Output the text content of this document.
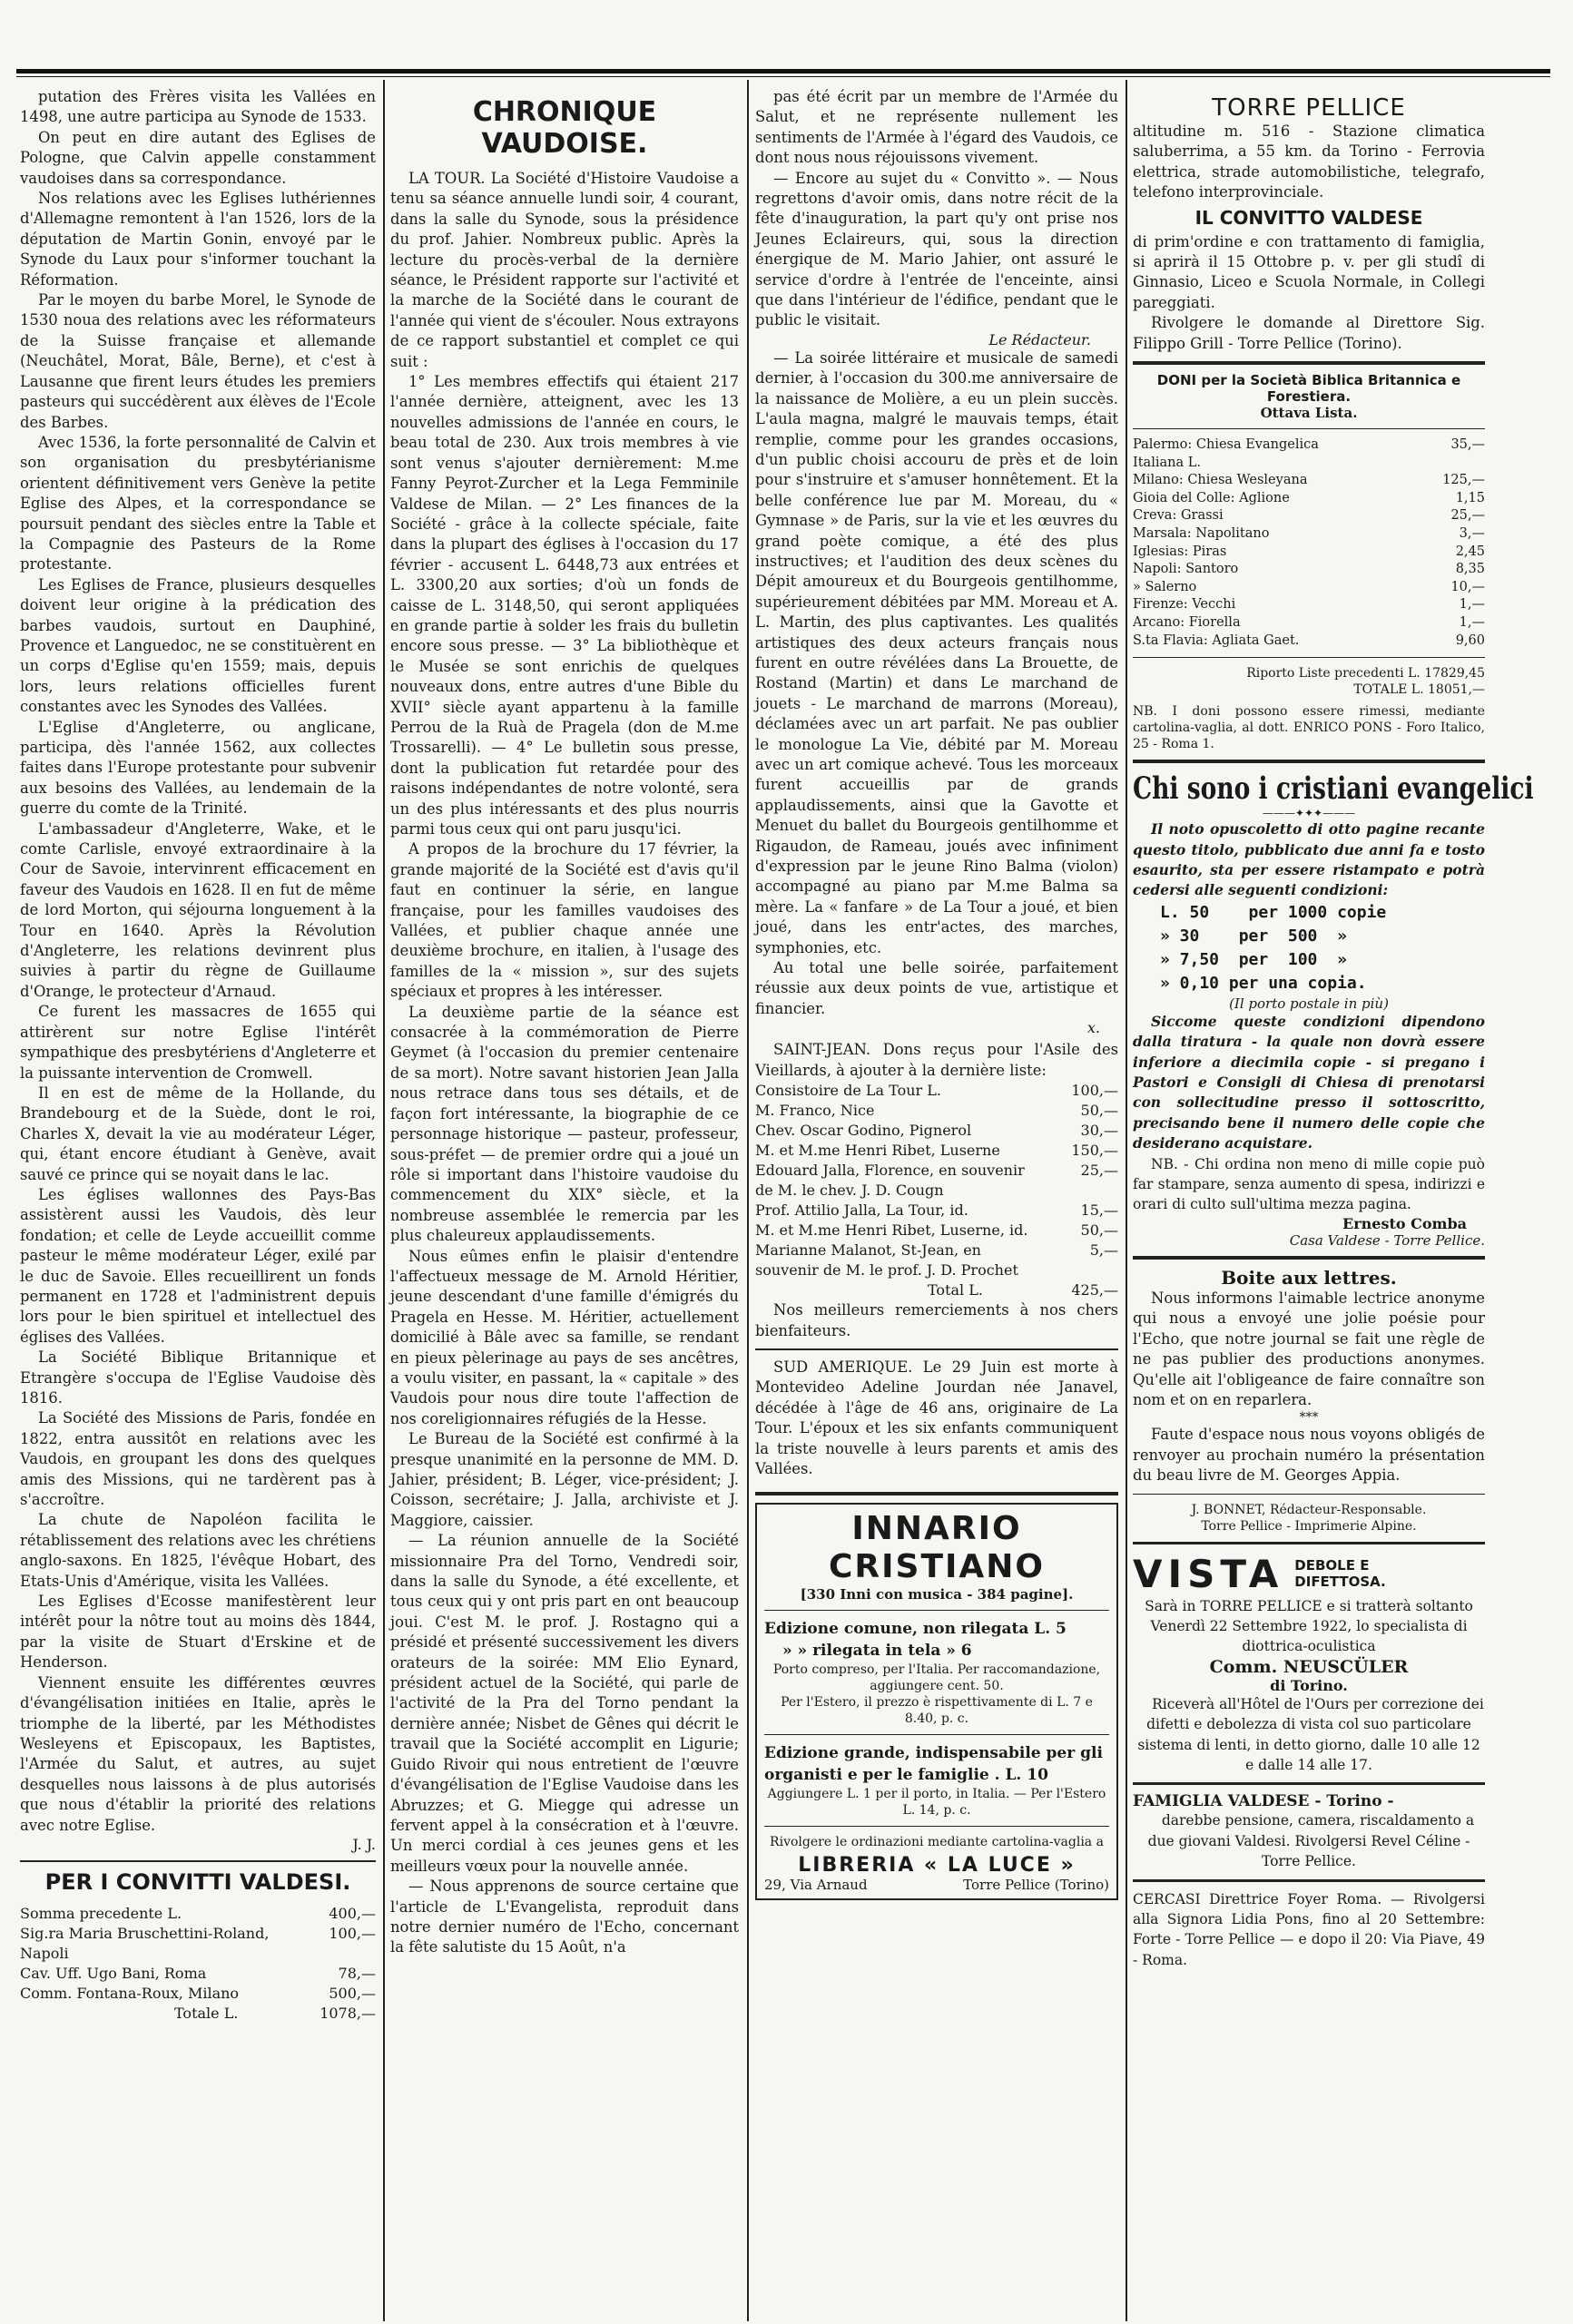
putation des Frères visita les Vallées en 1498, une autre participa au Synode de 1533.

On peut en dire autant des Eglises de Pologne, que Calvin appelle constamment vaudoises dans sa correspondance.

Nos relations avec les Eglises luthériennes d'Allemagne remontent à l'an 1526, lors de la députation de Martin Gonin, envoyé par le Synode du Laux pour s'informer touchant la Réformation.

Par le moyen du barbe Morel, le Synode de 1530 noua des relations avec les réformateurs de la Suisse française et allemande (Neuchâtel, Morat, Bâle, Berne), et c'est à Lausanne que firent leurs études les premiers pasteurs qui succédèrent aux élèves de l'Ecole des Barbes.

Avec 1536, la forte personnalité de Calvin et son organisation du presbytérianisme orientent définitivement vers Genève la petite Eglise des Alpes, et la correspondance se poursuit pendant des siècles entre la Table et la Compagnie des Pasteurs de la Rome protestante.

Les Eglises de France, plusieurs desquelles doivent leur origine à la prédication des barbes vaudois, surtout en Dauphiné, Provence et Languedoc, ne se constituèrent en un corps d'Eglise qu'en 1559; mais, depuis lors, leurs relations officielles furent constantes avec les Synodes des Vallées.

L'Eglise d'Angleterre, ou anglicane, participa, dès l'année 1562, aux collectes faites dans l'Europe protestante pour subvenir aux besoins des Vallées, au lendemain de la guerre du comte de la Trinité.

L'ambassadeur d'Angleterre, Wake, et le comte Carlisle, envoyé extraordinaire à la Cour de Savoie, intervinrent efficacement en faveur des Vaudois en 1628. Il en fut de même de lord Morton, qui séjourna longuement à la Tour en 1640. Après la Révolution d'Angleterre, les relations devinrent plus suivies à partir du règne de Guillaume d'Orange, le protecteur d'Arnaud.

Ce furent les massacres de 1655 qui attirèrent sur notre Eglise l'intérêt sympathique des presbytériens d'Angleterre et la puissante intervention de Cromwell.

Il en est de même de la Hollande, du Brandebourg et de la Suède, dont le roi, Charles X, devait la vie au modérateur Léger, qui, étant encore étudiant à Genève, avait sauvé ce prince qui se noyait dans le lac.

Les églises wallonnes des Pays-Bas assistèrent aussi les Vaudois, dès leur fondation; et celle de Leyde accueillit comme pasteur le même modérateur Léger, exilé par le duc de Savoie. Elles recueillirent un fonds permanent en 1728 et l'administrent depuis lors pour le bien spirituel et intellectuel des églises des Vallées.

La Société Biblique Britannique et Etrangère s'occupa de l'Eglise Vaudoise dès 1816.

La Société des Missions de Paris, fondée en 1822, entra aussitôt en relations avec les Vaudois, en groupant les dons des quelques amis des Missions, qui ne tardèrent pas à s'accroître.

La chute de Napoléon facilita le rétablissement des relations avec les chrétiens anglo-saxons. En 1825, l'évêque Hobart, des Etats-Unis d'Amérique, visita les Vallées.

Les Eglises d'Ecosse manifestèrent leur intérêt pour la nôtre tout au moins dès 1844, par la visite de Stuart d'Erskine et de Henderson.

Viennent ensuite les différentes œuvres d'évangélisation initiées en Italie, après le triomphe de la liberté, par les Méthodistes Wesleyens et Episcopaux, les Baptistes, l'Armée du Salut, et autres, au sujet desquelles nous laissons à de plus autorisés que nous d'établir la priorité des relations avec notre Eglise.

J. J.
PER I CONVITTI VALDESI.
Somma precedente L.	400,—
Sig.ra Maria Bruschettini-Roland, Napoli
100,—
Cav. Uff. Ugo Bani, Roma	78,—
Comm. Fontana-Roux, Milano	500,—
Totale L.	1078,—
CHRONIQUE VAUDOISE.

LA TOUR. La Société d'Histoire Vaudoise a tenu sa séance annuelle lundi soir, 4 courant, dans la salle du Synode, sous la présidence du prof. Jahier. Nombreux public. Après la lecture du procès-verbal de la dernière séance, le Président rapporte sur l'activité et la marche de la Société dans le courant de l'année qui vient de s'écouler. Nous extrayons de ce rapport substantiel et complet ce qui suit :

1° Les membres effectifs qui étaient 217 l'année dernière, atteignent, avec les 13 nouvelles admissions de l'année en cours, le beau total de 230. Aux trois membres à vie sont venus s'ajouter dernièrement: M.me Fanny Peyrot-Zurcher et la Lega Femminile Valdese de Milan. — 2° Les finances de la Société - grâce à la collecte spéciale, faite dans la plupart des églises à l'occasion du 17 février - accusent L. 6448,73 aux entrées et L. 3300,20 aux sorties; d'où un fonds de caisse de L. 3148,50, qui seront appliquées en grande partie à solder les frais du bulletin encore sous presse. — 3° La bibliothèque et le Musée se sont enrichis de quelques nouveaux dons, entre autres d'une Bible du XVII° siècle ayant appartenu à la famille Perrou de la Ruà de Pragela (don de M.me Trossarelli). — 4° Le bulletin sous presse, dont la publication fut retardée pour des raisons indépendantes de notre volonté, sera un des plus intéressants et des plus nourris parmi tous ceux qui ont paru jusqu'ici.

A propos de la brochure du 17 février, la grande majorité de la Société est d'avis qu'il faut en continuer la série, en langue française, pour les familles vaudoises des Vallées, et publier chaque année une deuxième brochure, en italien, à l'usage des familles de la « mission », sur des sujets spéciaux et propres à les intéresser.

La deuxième partie de la séance est consacrée à la commémoration de Pierre Geymet (à l'occasion du premier centenaire de sa mort). Notre savant historien Jean Jalla nous retrace dans tous ses détails, et de façon fort intéressante, la biographie de ce personnage historique — pasteur, professeur, sous-préfet — de premier ordre qui a joué un rôle si important dans l'histoire vaudoise du commencement du XIX° siècle, et la nombreuse assemblée le remercia par les plus chaleureux applaudissements.

Nous eûmes enfin le plaisir d'entendre l'affectueux message de M. Arnold Héritier, jeune descendant d'une famille d'émigrés du Pragela en Hesse. M. Héritier, actuellement domicilié à Bâle avec sa famille, se rendant en pieux pèlerinage au pays de ses ancêtres, a voulu visiter, en passant, la « capitale » des Vaudois pour nous dire toute l'affection de nos coreligionnaires réfugiés de la Hesse.

Le Bureau de la Société est confirmé à la presque unanimité en la personne de MM. D. Jahier, président; B. Léger, vice-président; J. Coisson, secrétaire; J. Jalla, archiviste et J. Maggiore, caissier.

— La réunion annuelle de la Société missionnaire Pra del Torno, Vendredi soir, dans la salle du Synode, a été excellente, et tous ceux qui y ont pris part en ont beaucoup joui. C'est M. le prof. J. Rostagno qui a présidé et présenté successivement les divers orateurs de la soirée: MM Elio Eynard, président actuel de la Société, qui parle de l'activité de la Pra del Torno pendant la dernière année; Nisbet de Gênes qui décrit le travail que la Société accomplit en Ligurie; Guido Rivoir qui nous entretient de l'œuvre d'évangélisation de l'Eglise Vaudoise dans les Abruzzes; et G. Miegge qui adresse un fervent appel à la consécration et à l'œuvre. Un merci cordial à ces jeunes gens et les meilleurs vœux pour la nouvelle année.

— Nous apprenons de source certaine que l'article de L'Evangelista, reproduit dans notre dernier numéro de l'Echo, concernant la fête salutiste du 15 Août, n'a

pas été écrit par un membre de l'Armée du Salut, et ne représente nullement les sentiments de l'Armée à l'égard des Vaudois, ce dont nous nous réjouissons vivement.

— Encore au sujet du « Convitto ». — Nous regrettons d'avoir omis, dans notre récit de la fête d'inauguration, la part qu'y ont prise nos Jeunes Eclaireurs, qui, sous la direction énergique de M. Mario Jahier, ont assuré le service d'ordre à l'entrée de l'enceinte, ainsi que dans l'intérieur de l'édifice, pendant que le public le visitait.

Le Rédacteur.

— La soirée littéraire et musicale de samedi dernier, à l'occasion du 300.me anniversaire de la naissance de Molière, a eu un plein succès. L'aula magna, malgré le mauvais temps, était remplie, comme pour les grandes occasions, d'un public choisi accouru de près et de loin pour s'instruire et s'amuser honnêtement. Et la belle conférence lue par M. Moreau, du « Gymnase » de Paris, sur la vie et les œuvres du grand poète comique, a été des plus instructives; et l'audition des deux scènes du Dépit amoureux et du Bourgeois gentilhomme, supérieurement débitées par MM. Moreau et A. L. Martin, des plus captivantes. Les qualités artistiques des deux acteurs français nous furent en outre révélées dans La Brouette, de Rostand (Martin) et dans Le marchand de jouets - Le marchand de marrons (Moreau), déclamées avec un art parfait. Ne pas oublier le monologue La Vie, débité par M. Moreau avec un art comique achevé. Tous les morceaux furent accueillis par de grands applaudissements, ainsi que la Gavotte et Menuet du ballet du Bourgeois gentilhomme et Rigaudon, de Rameau, joués avec infiniment d'expression par le jeune Rino Balma (violon) accompagné au piano par M.me Balma sa mère. La « fanfare » de La Tour a joué, et bien joué, dans les entr'actes, des marches, symphonies, etc.

Au total une belle soirée, parfaitement réussie aux deux points de vue, artistique et financier.

x.

SAINT-JEAN. Dons reçus pour l'Asile des Vieillards, à ajouter à la dernière liste:

Consistoire de La Tour L.	100,—
M. Franco, Nice	50,—
Chev. Oscar Godino, Pignerol	30,—
M. et M.me Henri Ribet, Luserne	150,—
Edouard Jalla, Florence, en souvenir de M. le chev. J. D. Cougn
25,—
Prof. Attilio Jalla, La Tour, id.	15,—
M. et M.me Henri Ribet, Luserne, id.	50,—
Marianne Malanot, St-Jean, en souvenir de M. le prof. J. D. Prochet
5,—
Total L.	425,—

Nos meilleurs remerciements à nos chers bienfaiteurs.

SUD AMERIQUE. Le 29 Juin est morte à Montevideo Adeline Jourdan née Janavel, décédée à l'âge de 46 ans, originaire de La Tour. L'époux et les six enfants communiquent la triste nouvelle à leurs parents et amis des Vallées.

INNARIO CRISTIANO
[330 Inni con musica - 384 pagine].
Edizione comune, non rilegata L. 5
» » rilegata in tela » 6
Porto compreso, per l'Italia. Per raccomandazione, aggiungere cent. 50.
Per l'Estero, il prezzo è rispettivamente di L. 7 e 8.40, p. c.
Edizione grande, indispensabile per gli organisti e per le famiglie . L. 10
Aggiungere L. 1 per il porto, in Italia. — Per l'Estero L. 14, p. c.
Rivolgere le ordinazioni mediante cartolina-vaglia a
LIBRERIA « LA LUCE »
29, Via Arnaud	Torre Pellice (Torino)
TORRE PELLICE

altitudine m. 516 - Stazione climatica saluberrima, a 55 km. da Torino - Ferrovia elettrica, strade automobilistiche, telegrafo, telefono interprovinciale.

IL CONVITTO VALDESE

di prim'ordine e con trattamento di famiglia, si aprirà il 15 Ottobre p. v. per gli studî di Ginnasio, Liceo e Scuola Normale, in Collegi pareggiati.

Rivolgere le domande al Direttore Sig. Filippo Grill - Torre Pellice (Torino).

DONI per la Società Biblica Britannica e Forestiera.
Ottava Lista.
Palermo: Chiesa Evangelica Italiana L.
35,—
Milano: Chiesa Wesleyana	125,—
Gioia del Colle: Aglione	1,15
Creva: Grassi	25,—
Marsala: Napolitano	3,—
Iglesias: Piras	2,45
Napoli: Santoro	8,35
» Salerno	10,—
Firenze: Vecchi	1,—
Arcano: Fiorella	1,—
S.ta Flavia: Agliata Gaet.	9,60
Riporto Liste precedenti L. 17829,45
TOTALE L. 18051,—
NB. I doni possono essere rimessi, mediante cartolina-vaglia, al dott. ENRICO PONS - Foro Italico, 25 - Roma 1.
Chi sono i cristiani evangelici
———✦✦✦———

Il noto opuscoletto di otto pagine recante questo titolo, pubblicato due anni fa e tosto esaurito, sta per essere ristampato e potrà cedersi alle seguenti condizioni:

L. 50    per 1000 copie
» 30    per  500  »
» 7,50  per  100  »
» 0,10 per una copia.
(Il porto postale in più)

Siccome queste condizioni dipendono dalla tiratura - la quale non dovrà essere inferiore a diecimila copie - si pregano i Pastori e Consigli di Chiesa di prenotarsi con sollecitudine presso il sottoscritto, precisando bene il numero delle copie che desiderano acquistare.

NB. - Chi ordina non meno di mille copie può far stampare, senza aumento di spesa, indirizzi e orari di culto sull'ultima mezza pagina.

Ernesto Comba
Casa Valdese - Torre Pellice.
Boite aux lettres.

Nous informons l'aimable lectrice anonyme qui nous a envoyé une jolie poésie pour l'Echo, que notre journal se fait une règle de ne pas publier des productions anonymes. Qu'elle ait l'obligeance de faire connaître son nom et on en reparlera.

***

Faute d'espace nous nous voyons obligés de renvoyer au prochain numéro la présentation du beau livre de M. Georges Appia.

J. BONNET, Rédacteur-Responsable.
Torre Pellice - Imprimerie Alpine.
VISTA DEBOLE E DIFETTOSA.

Sarà in TORRE PELLICE e si tratterà soltanto Venerdì 22 Settembre 1922, lo specialista di diottrica-oculistica

Comm. NEUSCÜLER
di Torino.

Riceverà all'Hôtel de l'Ours per correzione dei difetti e debolezza di vista col suo particolare sistema di lenti, in detto giorno, dalle 10 alle 12 e dalle 14 alle 17.

FAMIGLIA VALDESE - Torino -

darebbe pensione, camera, riscaldamento a due giovani Valdesi. Rivolgersi Revel Céline - Torre Pellice.

CERCASI Direttrice Foyer Roma. — Rivolgersi alla Signora Lidia Pons, fino al 20 Settembre: Forte - Torre Pellice — e dopo il 20: Via Piave, 49 - Roma.
